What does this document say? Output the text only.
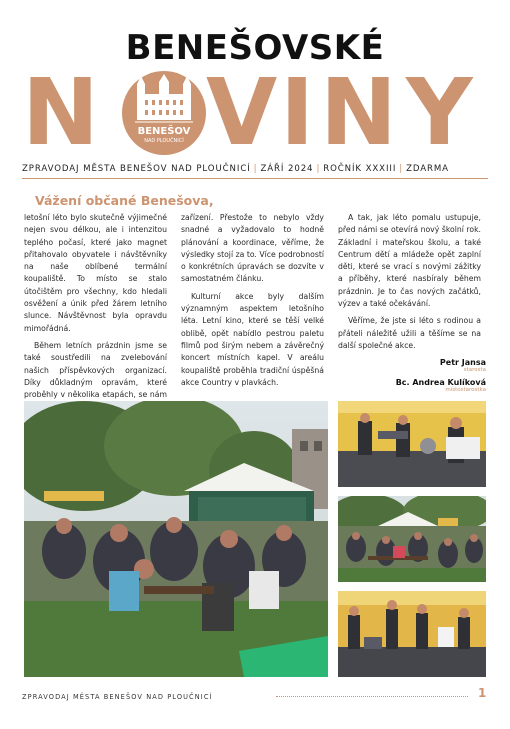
BENEŠOVSKÉ
N V I N Y
BENEŠOV
NAD PLOUČNICÍ
ZPRAVODAJ MĚSTA BENEŠOV NAD PLOUČNICÍ | ZÁŘÍ 2024 | ROČNÍK XXXIII | ZDARMA
Vážení občané Benešova,

letošní léto bylo skutečně výjimečné nejen svou délkou, ale i intenzitou teplého počasí, které jako magnet přitahovalo obyvatele i návštěvníky na naše oblíbené termální koupaliště. To místo se stalo útočištěm pro všechny, kdo hledali osvěžení a únik před žárem letního slunce. Návštěvnost byla opravdu mimořádná.

Během letních prázdnin jsme se také soustředili na zvelebování našich příspěvkových organizací. Díky důkladným opravám, které proběhly v několika etapách, se nám

zařízení. Přestože to nebylo vždy snadné a vyžadovalo to hodně plánování a koordinace, věříme, že výsledky stojí za to. Více podrobností o konkrétních úpravách se dozvíte v samostatném článku.

Kulturní akce byly dalším významným aspektem letošního léta. Letní kino, které se těší velké oblibě, opět nabídlo pestrou paletu filmů pod širým nebem a závěrečný koncert místních kapel. V areálu koupaliště proběhla tradiční úspěšná akce Country v plavkách.

A tak, jak léto pomalu ustupuje, před námi se otevírá nový školní rok. Základní i mateřskou školu, a také Centrum dětí a mládeže opět zaplní děti, které se vrací s novými zážitky a příběhy, které nasbíraly během prázdnin. Je to čas nových začátků, výzev a také očekávání.

Věříme, že jste si léto s rodinou a přáteli náležitě užili a těšíme se na další společné akce.

Petr Jansa
starosta
Bc. Andrea Kulíková
místostarostka
ZPRAVODAJ MĚSTA BENEŠOV NAD PLOUČNICÍ	1
